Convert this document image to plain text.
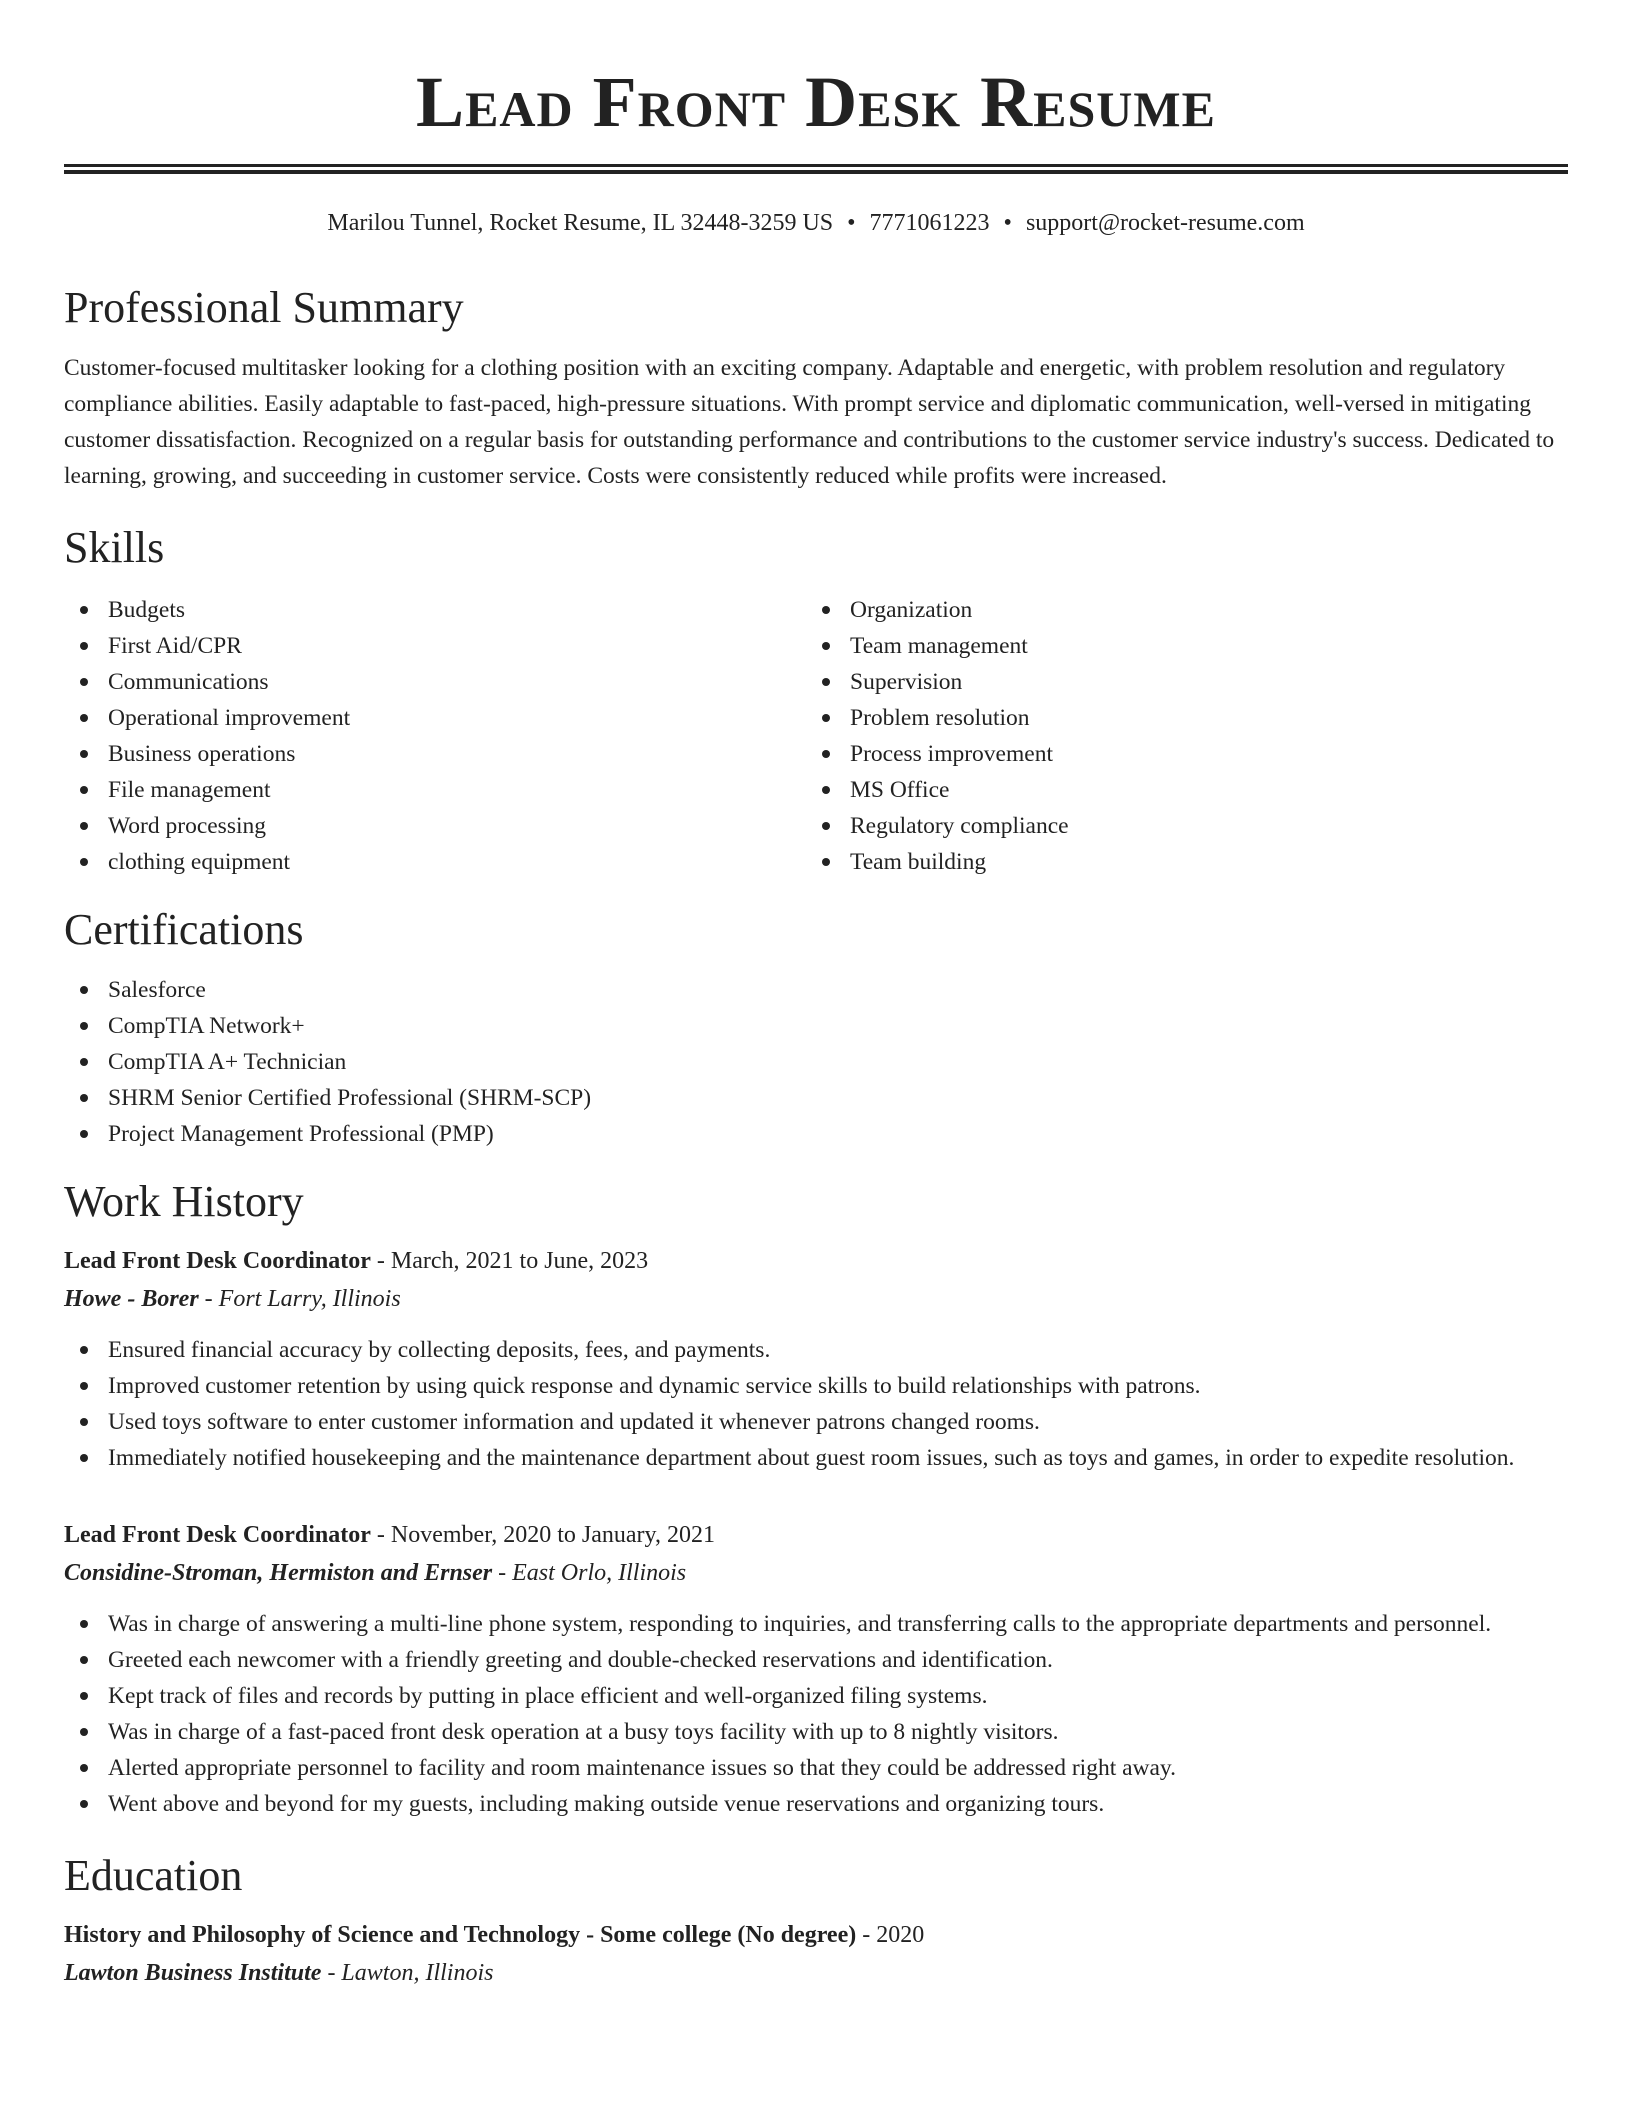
Lead Front Desk Resume
Marilou Tunnel, Rocket Resume, IL 32448-3259 US • 7771061223 • support@rocket-resume.com
Professional Summary

Customer-focused multitasker looking for a clothing position with an exciting company. Adaptable and energetic, with problem resolution and regulatory compliance abilities. Easily adaptable to fast-paced, high-pressure situations. With prompt service and diplomatic communication, well-versed in mitigating customer dissatisfaction. Recognized on a regular basis for outstanding performance and contributions to the customer service industry's success. Dedicated to learning, growing, and succeeding in customer service. Costs were consistently reduced while profits were increased.

Skills
Budgets
First Aid/CPR
Communications
Operational improvement
Business operations
File management
Word processing
clothing equipment
Organization
Team management
Supervision
Problem resolution
Process improvement
MS Office
Regulatory compliance
Team building
Certifications
Salesforce
CompTIA Network+
CompTIA A+ Technician
SHRM Senior Certified Professional (SHRM-SCP)
Project Management Professional (PMP)
Work History
Lead Front Desk Coordinator - March, 2021 to June, 2023
Howe - Borer - Fort Larry, Illinois
Ensured financial accuracy by collecting deposits, fees, and payments.
Improved customer retention by using quick response and dynamic service skills to build relationships with patrons.
Used toys software to enter customer information and updated it whenever patrons changed rooms.
Immediately notified housekeeping and the maintenance department about guest room issues, such as toys and games, in order to expedite resolution.
Lead Front Desk Coordinator - November, 2020 to January, 2021
Considine-Stroman, Hermiston and Ernser - East Orlo, Illinois
Was in charge of answering a multi-line phone system, responding to inquiries, and transferring calls to the appropriate departments and personnel.
Greeted each newcomer with a friendly greeting and double-checked reservations and identification.
Kept track of files and records by putting in place efficient and well-organized filing systems.
Was in charge of a fast-paced front desk operation at a busy toys facility with up to 8 nightly visitors.
Alerted appropriate personnel to facility and room maintenance issues so that they could be addressed right away.
Went above and beyond for my guests, including making outside venue reservations and organizing tours.
Education
History and Philosophy of Science and Technology - Some college (No degree) - 2020
Lawton Business Institute - Lawton, Illinois
